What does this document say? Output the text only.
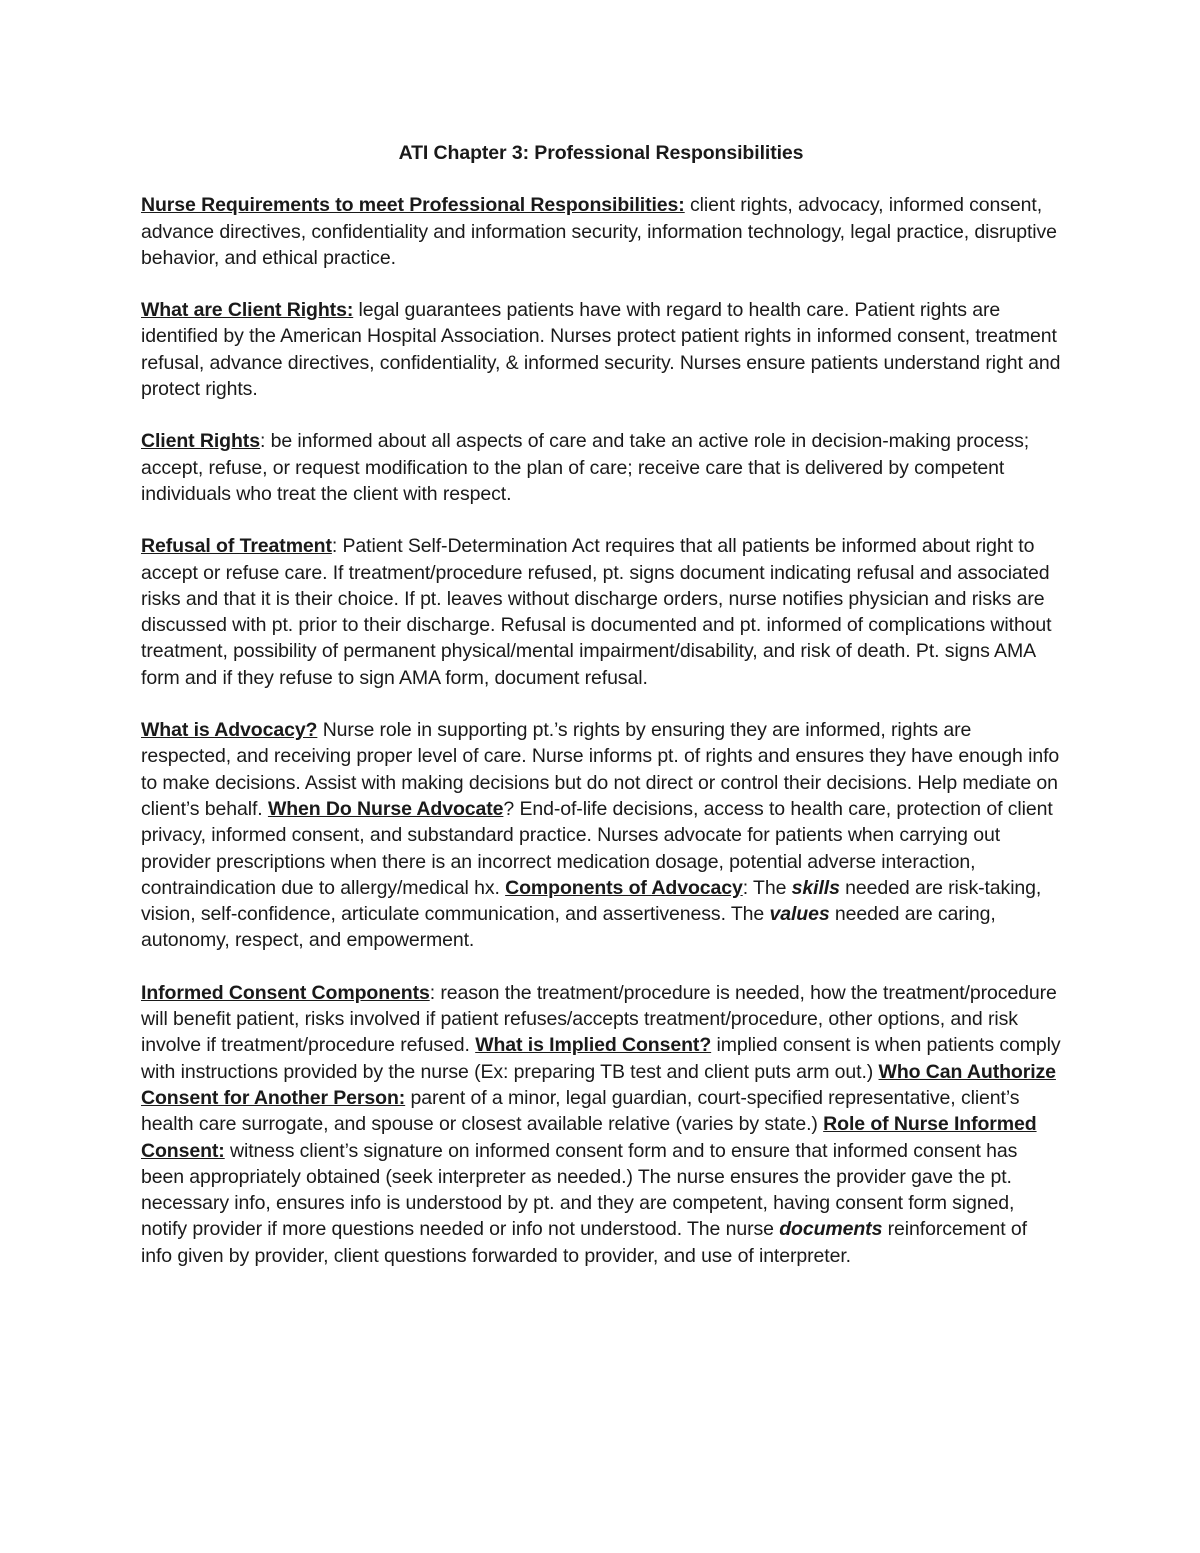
ATI Chapter 3: Professional Responsibilities

Nurse Requirements to meet Professional Responsibilities: client rights, advocacy, informed consent, advance directives, confidentiality and information security, information technology, legal practice, disruptive behavior, and ethical practice.

What are Client Rights: legal guarantees patients have with regard to health care. Patient rights are identified by the American Hospital Association. Nurses protect patient rights in informed consent, treatment refusal, advance directives, confidentiality, & informed security. Nurses ensure patients understand right and protect rights.

Client Rights: be informed about all aspects of care and take an active role in decision-making process; accept, refuse, or request modification to the plan of care; receive care that is delivered by competent individuals who treat the client with respect.

Refusal of Treatment: Patient Self-Determination Act requires that all patients be informed about right to accept or refuse care. If treatment/procedure refused, pt. signs document indicating refusal and associated risks and that it is their choice. If pt. leaves without discharge orders, nurse notifies physician and risks are discussed with pt. prior to their discharge. Refusal is documented and pt. informed of complications without treatment, possibility of permanent physical/mental impairment/disability, and risk of death. Pt. signs AMA form and if they refuse to sign AMA form, document refusal.

What is Advocacy? Nurse role in supporting pt.’s rights by ensuring they are informed, rights are respected, and receiving proper level of care. Nurse informs pt. of rights and ensures they have enough info to make decisions. Assist with making decisions but do not direct or control their decisions. Help mediate on client’s behalf. When Do Nurse Advocate? End-of-life decisions, access to health care, protection of client privacy, informed consent, and substandard practice. Nurses advocate for patients when carrying out provider prescriptions when there is an incorrect medication dosage, potential adverse interaction, contraindication due to allergy/medical hx. Components of Advocacy: The skills needed are risk-taking, vision, self-confidence, articulate communication, and assertiveness. The values needed are caring, autonomy, respect, and empowerment.

Informed Consent Components: reason the treatment/procedure is needed, how the treatment/procedure will benefit patient, risks involved if patient refuses/accepts treatment/procedure, other options, and risk involve if treatment/procedure refused. What is Implied Consent? implied consent is when patients comply with instructions provided by the nurse (Ex: preparing TB test and client puts arm out.) Who Can Authorize Consent for Another Person: parent of a minor, legal guardian, court-specified representative, client’s health care surrogate, and spouse or closest available relative (varies by state.) Role of Nurse Informed Consent: witness client’s signature on informed consent form and to ensure that informed consent has been appropriately obtained (seek interpreter as needed.) The nurse ensures the provider gave the pt. necessary info, ensures info is understood by pt. and they are competent, having consent form signed, notify provider if more questions needed or info not understood. The nurse documents reinforcement of info given by provider, client questions forwarded to provider, and use of interpreter.
